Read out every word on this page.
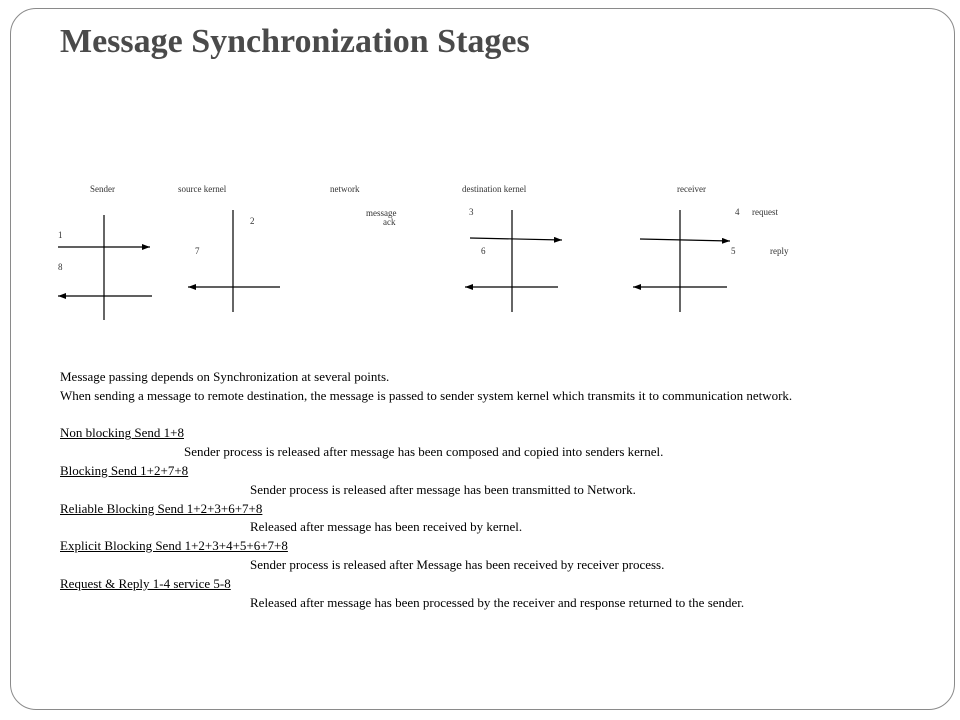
Message Synchronization Stages
Sender	source kernel	network	destination kernel	receiver
1
2
3	4
5
6
7
8
message
ack
request
reply

Message passing depends on Synchronization at several points.

When sending a message to remote destination, the message is passed to sender system kernel which transmits it to communication network.

Non blocking Send 1+8

Sender process is released after message has been composed and copied into senders kernel.

Blocking Send 1+2+7+8

Sender process is released after message has been transmitted to Network.

Reliable Blocking Send 1+2+3+6+7+8

Released after message has been received by kernel.

Explicit Blocking Send 1+2+3+4+5+6+7+8

Sender process is released after Message has been received by receiver process.

Request & Reply 1-4 service 5-8

Released after message has been processed by the receiver and response returned to the sender.
